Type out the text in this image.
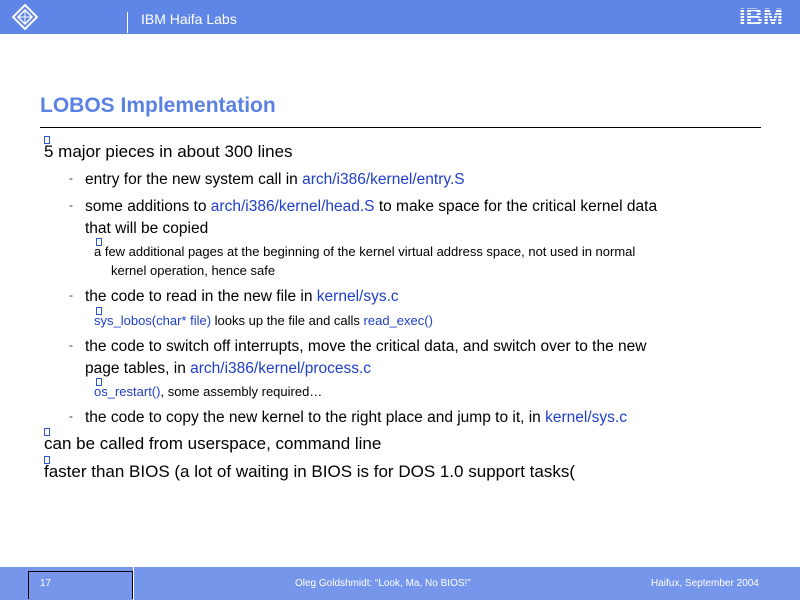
IBM Haifa Labs
LOBOS Implementation
5 major pieces in about 300 lines
- entry for the new system call in arch/i386/kernel/entry.S
- some additions to arch/i386/kernel/head.S to make space for the critical kernel data
that will be copied
a few additional pages at the beginning of the kernel virtual address space, not used in normal
kernel operation, hence safe
- the code to read in the new file in kernel/sys.c
sys_lobos(char* file) looks up the file and calls read_exec()
- the code to switch off interrupts, move the critical data, and switch over to the new
page tables, in arch/i386/kernel/process.c
os_restart(), some assembly required…
- the code to copy the new kernel to the right place and jump to it, in kernel/sys.c
can be called from userspace, command line
faster than BIOS (a lot of waiting in BIOS is for DOS 1.0 support tasks(
17	Oleg Goldshmidt: “Look, Ma, No BIOS!”	Haifux, September 2004
